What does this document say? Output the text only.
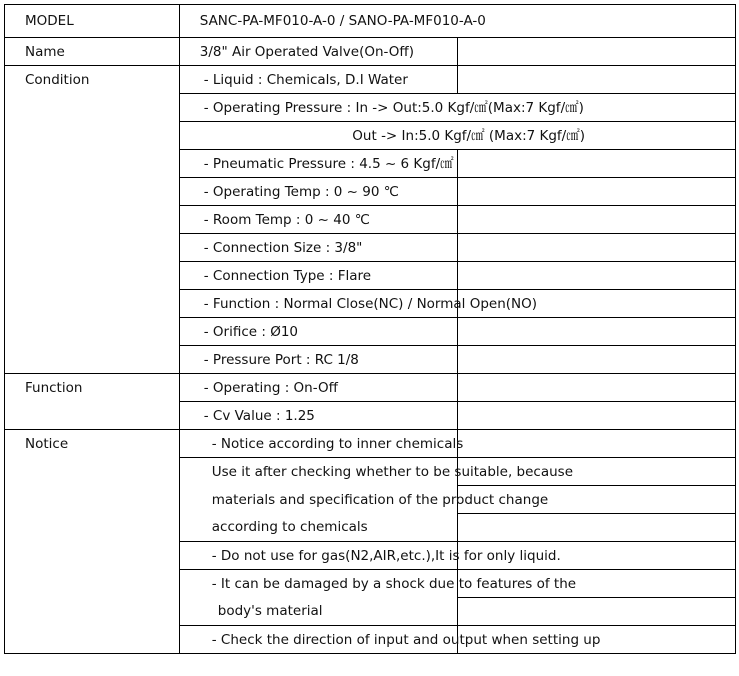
MODEL	SANC-PA-MF010-A-0 / SANO-PA-MF010-A-0	
Name	3/8" Air Operated Valve(On-Off)	
Condition	- Liquid : Chemicals, D.I Water	
	- Operating Pressure : In -> Out:5.0 Kgf/㎠(Max:7 Kgf/㎠)	
	Out -> In:5.0 Kgf/㎠ (Max:7 Kgf/㎠)	
	- Pneumatic Pressure : 4.5 ~ 6 Kgf/㎠	
	- Operating Temp : 0 ~ 90 ℃	
	- Room Temp : 0 ~ 40 ℃	
	- Connection Size : 3/8"	
	- Connection Type : Flare	
	- Function : Normal Close(NC) / Normal Open(NO)	
	- Orifice : Ø10	
	- Pressure Port : RC 1/8	
Function	- Operating : On-Off	
	- Cv Value : 1.25	
Notice	- Notice according to inner chemicals	
	Use it after checking whether to be suitable, because	
	materials and specification of the product change	
	according to chemicals	
	- Do not use for gas(N2,AIR,etc.),It is for only liquid.	
	- It can be damaged by a shock due to features of the	
	body's material	
	- Check the direction of input and output when setting up	
